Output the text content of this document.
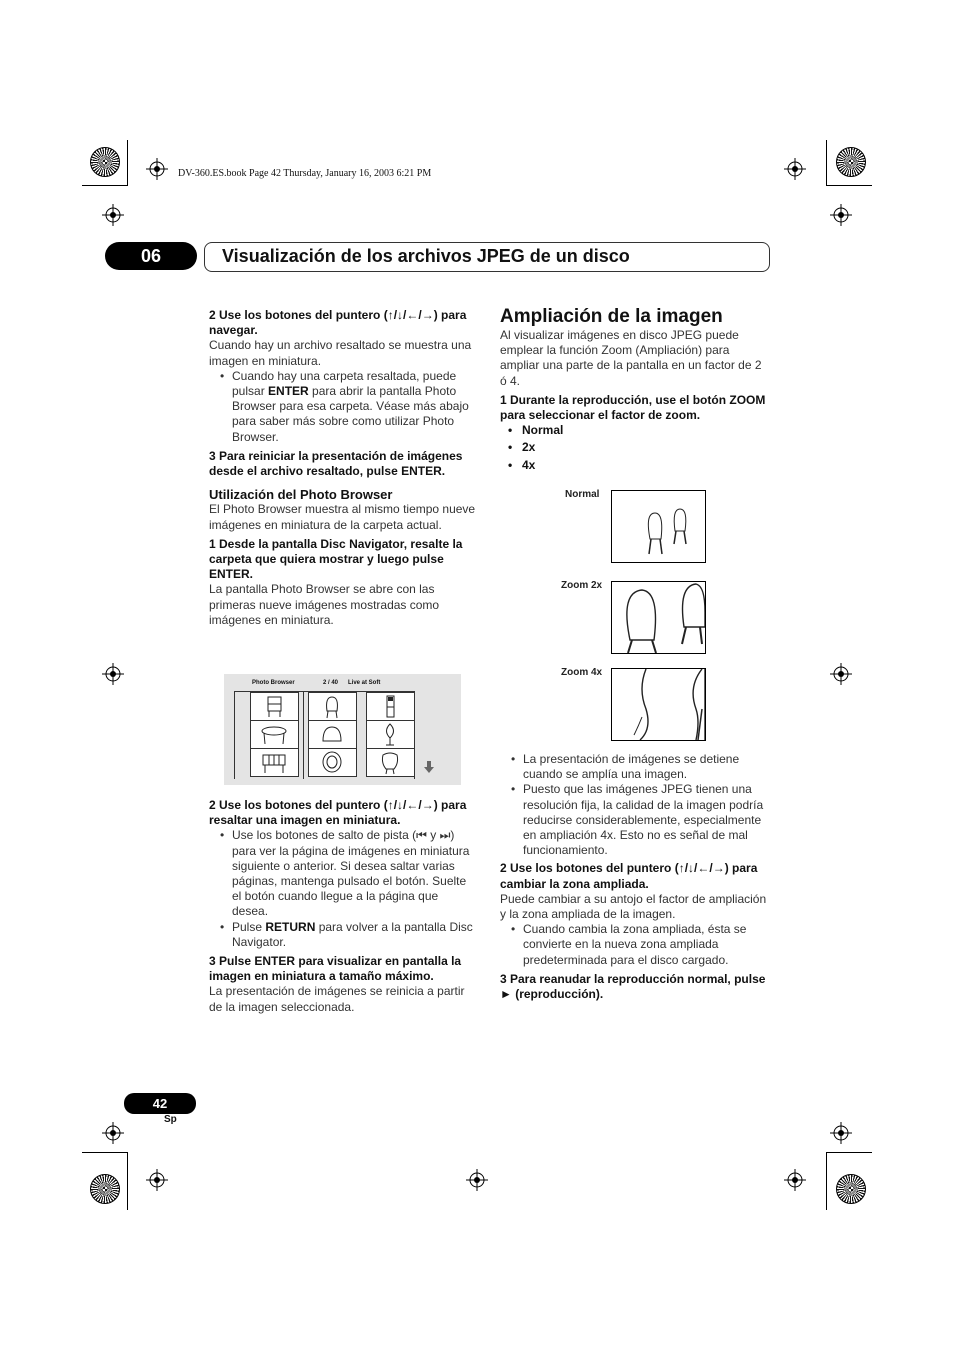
DV-360.ES.book Page 42 Thursday, January 16, 2003 6:21 PM
06	Visualización de los archivos JPEG de un disco

2 Use los botones del puntero (↑/↓/←/→) para navegar.

Cuando hay un archivo resaltado se muestra una imagen en miniatura.

• Cuando hay una carpeta resaltada, puede pulsar ENTER para abrir la pantalla Photo Browser para esa carpeta. Véase más abajo para saber más sobre como utilizar Photo Browser.

3 Para reiniciar la presentación de imágenes desde el archivo resaltado, pulse ENTER.

Utilización del Photo Browser

El Photo Browser muestra al mismo tiempo nueve imágenes en miniatura de la carpeta actual.

1 Desde la pantalla Disc Navigator, resalte la carpeta que quiera mostrar y luego pulse ENTER.

La pantalla Photo Browser se abre con las primeras nueve imágenes mostradas como imágenes en miniatura.

Photo Browser	2 / 40 Live at Soft

2 Use los botones del puntero (↑/↓/←/→) para resaltar una imagen en miniatura.

• Use los botones de salto de pista (⏮ y ⏭) para ver la página de imágenes en miniatura siguiente o anterior. Si desea saltar varias páginas, mantenga pulsado el botón. Suelte el botón cuando llegue a la página que desea.

• Pulse RETURN para volver a la pantalla Disc Navigator.

3 Pulse ENTER para visualizar en pantalla la imagen en miniatura a tamaño máximo.

La presentación de imágenes se reinicia a partir de la imagen seleccionada.

Ampliación de la imagen

Al visualizar imágenes en disco JPEG puede emplear la función Zoom (Ampliación) para ampliar una parte de la pantalla en un factor de 2 ó 4.

1 Durante la reproducción, use el botón ZOOM para seleccionar el factor de zoom.

• Normal

• 2x

• 4x

Normal
Zoom 2x
Zoom 4x

• La presentación de imágenes se detiene cuando se amplía una imagen.

• Puesto que las imágenes JPEG tienen una resolución fija, la calidad de la imagen podría reducirse considerablemente, especialmente en ampliación 4x. Esto no es señal de mal funcionamiento.

2 Use los botones del puntero (↑/↓/←/→) para cambiar la zona ampliada.

Puede cambiar a su antojo el factor de ampliación y la zona ampliada de la imagen.

• Cuando cambia la zona ampliada, ésta se convierte en la nueva zona ampliada predeterminada para el disco cargado.

3 Para reanudar la reproducción normal, pulse ► (reproducción).

42
Sp
